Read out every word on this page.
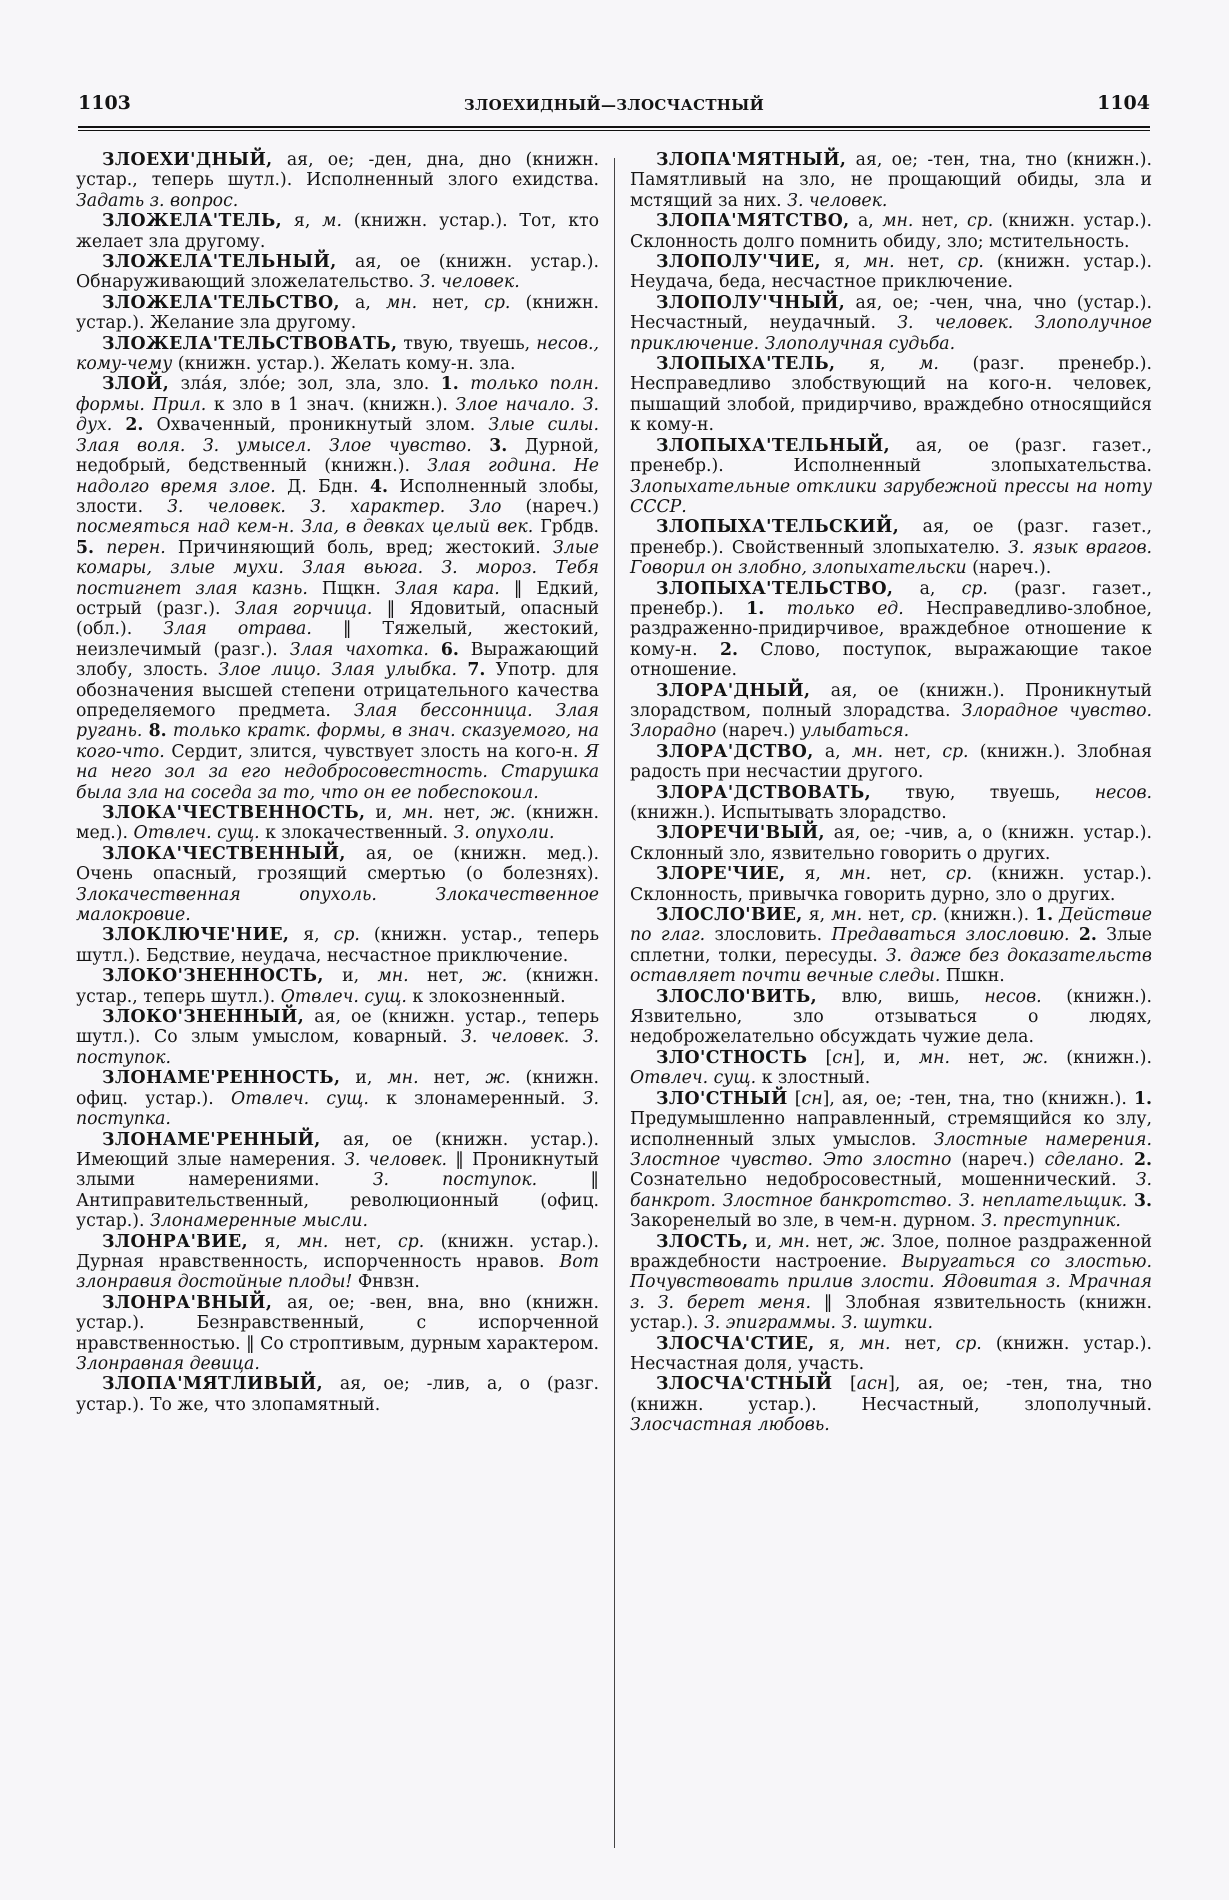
1103	ЗЛОЕХИДНЫЙ—ЗЛОСЧАСТНЫЙ	1104

ЗЛОЕХИ'ДНЫЙ, ая, ое; -ден, дна, дно (книжн. устар., теперь шутл.). Исполненный злого ехидства. Задать з. вопрос.

ЗЛОЖЕЛА'ТЕЛЬ, я, м. (книжн. устар.). Тот, кто желает зла другому.

ЗЛОЖЕЛА'ТЕЛЬНЫЙ, ая, ое (книжн. устар.). Обнаруживающий зложелательство. З. человек.

ЗЛОЖЕЛА'ТЕЛЬСТВО, а, мн. нет, ср. (книжн. устар.). Желание зла другому.

ЗЛОЖЕЛА'ТЕЛЬСТВОВАТЬ, твую, твуешь, несов., кому-чему (книжн. устар.). Желать кому-н. зла.

ЗЛОЙ, злáя, злóе; зол, зла, зло. 1. только полн. формы. Прил. к зло в 1 знач. (книжн.). Злое начало. З. дух. 2. Охваченный, проникнутый злом. Злые силы. Злая воля. З. умысел. Злое чувство. 3. Дурной, недобрый, бедственный (книжн.). Злая година. Не надолго время злое. Д. Бдн. 4. Исполненный злобы, злости. З. человек. З. характер. Зло (нареч.) посмеяться над кем-н. Зла, в девках целый век. Грбдв. 5. перен. Причиняющий боль, вред; жестокий. Злые комары, злые мухи. Злая вьюга. З. мороз. Тебя постигнет злая казнь. Пщкн. Злая кара. ‖ Едкий, острый (разг.). Злая горчица. ‖ Ядовитый, опасный (обл.). Злая отрава. ‖ Тяжелый, жестокий, неизлечимый (разг.). Злая чахотка. 6. Выражающий злобу, злость. Злое лицо. Злая улыбка. 7. Употр. для обозначения высшей степени отрицательного качества определяемого предмета. Злая бессонница. Злая ругань. 8. только кратк. формы, в знач. сказуемого, на кого-что. Сердит, злится, чувствует злость на кого-н. Я на него зол за его недобросовестность. Старушка была зла на соседа за то, что он ее побеспокоил.

ЗЛОКА'ЧЕСТВЕННОСТЬ, и, мн. нет, ж. (книжн. мед.). Отвлеч. сущ. к злокачественный. З. опухоли.

ЗЛОКА'ЧЕСТВЕННЫЙ, ая, ое (книжн. мед.). Очень опасный, грозящий смертью (о болезнях). Злокачественная опухоль. Злокачественное малокровие.

ЗЛОКЛЮЧЕ'НИЕ, я, ср. (книжн. устар., теперь шутл.). Бедствие, неудача, несчастное приключение.

ЗЛОКО'ЗНЕННОСТЬ, и, мн. нет, ж. (книжн. устар., теперь шутл.). Отвлеч. сущ. к злокозненный.

ЗЛОКО'ЗНЕННЫЙ, ая, ое (книжн. устар., теперь шутл.). Со злым умыслом, коварный. З. человек. З. поступок.

ЗЛОНАМЕ'РЕННОСТЬ, и, мн. нет, ж. (книжн. офиц. устар.). Отвлеч. сущ. к злонамеренный. З. поступка.

ЗЛОНАМЕ'РЕННЫЙ, ая, ое (книжн. устар.). Имеющий злые намерения. З. человек. ‖ Проникнутый злыми намерениями. З. поступок. ‖ Антиправительственный, революционный (офиц. устар.). Злонамеренные мысли.

ЗЛОНРА'ВИЕ, я, мн. нет, ср. (книжн. устар.). Дурная нравственность, испорченность нравов. Вот злонравия достойные плоды! Фнвзн.

ЗЛОНРА'ВНЫЙ, ая, ое; -вен, вна, вно (книжн. устар.). Безнравственный, с испорченной нравственностью. ‖ Со строптивым, дурным характером. Злонравная девица.

ЗЛОПА'МЯТЛИВЫЙ, ая, ое; -лив, а, о (разг. устар.). То же, что злопамятный.

ЗЛОПА'МЯТНЫЙ, ая, ое; -тен, тна, тно (книжн.). Памятливый на зло, не прощающий обиды, зла и мстящий за них. З. человек.

ЗЛОПА'МЯТСТВО, а, мн. нет, ср. (книжн. устар.). Склонность долго помнить обиду, зло; мстительность.

ЗЛОПОЛУ'ЧИЕ, я, мн. нет, ср. (книжн. устар.). Неудача, беда, несчастное приключение.

ЗЛОПОЛУ'ЧНЫЙ, ая, ое; -чен, чна, чно (устар.). Несчастный, неудачный. З. человек. Злополучное приключение. Злополучная судьба.

ЗЛОПЫХА'ТЕЛЬ, я, м. (разг. пренебр.). Несправедливо злобствующий на кого-н. человек, пышащий злобой, придирчиво, враждебно относящийся к кому-н.

ЗЛОПЫХА'ТЕЛЬНЫЙ, ая, ое (разг. газет., пренебр.). Исполненный злопыхательства. Злопыхательные отклики зарубежной прессы на ноту СССР.

ЗЛОПЫХА'ТЕЛЬСКИЙ, ая, ое (разг. газет., пренебр.). Свойственный злопыхателю. З. язык врагов. Говорил он злобно, злопыхательски (нареч.).

ЗЛОПЫХА'ТЕЛЬСТВО, а, ср. (разг. газет., пренебр.). 1. только ед. Несправедливо-злобное, раздраженно-придирчивое, враждебное отношение к кому-н. 2. Слово, поступок, выражающие такое отношение.

ЗЛОРА'ДНЫЙ, ая, ое (книжн.). Проникнутый злорадством, полный злорадства. Злорадное чувство. Злорадно (нареч.) улыбаться.

ЗЛОРА'ДСТВО, а, мн. нет, ср. (книжн.). Злобная радость при несчастии другого.

ЗЛОРА'ДСТВОВАТЬ, твую, твуешь, несов. (книжн.). Испытывать злорадство.

ЗЛОРЕЧИ'ВЫЙ, ая, ое; -чив, а, о (книжн. устар.). Склонный зло, язвительно говорить о других.

ЗЛОРЕ'ЧИЕ, я, мн. нет, ср. (книжн. устар.). Склонность, привычка говорить дурно, зло о других.

ЗЛОСЛО'ВИЕ, я, мн. нет, ср. (книжн.). 1. Действие по глаг. злословить. Предаваться злословию. 2. Злые сплетни, толки, пересуды. З. даже без доказательств оставляет почти вечные следы. Пшкн.

ЗЛОСЛО'ВИТЬ, влю, вишь, несов. (книжн.). Язвительно, зло отзываться о людях, недоброжелательно обсуждать чужие дела.

ЗЛО'СТНОСТЬ [сн], и, мн. нет, ж. (книжн.). Отвлеч. сущ. к злостный.

ЗЛО'СТНЫЙ [сн], ая, ое; -тен, тна, тно (книжн.). 1. Предумышленно направленный, стремящийся ко злу, исполненный злых умыслов. Злостные намерения. Злостное чувство. Это злостно (нареч.) сделано. 2. Сознательно недобросовестный, мошеннический. З. банкрот. Злостное банкротство. З. неплательщик. 3. Закоренелый во зле, в чем-н. дурном. З. преступник.

ЗЛОСТЬ, и, мн. нет, ж. Злое, полное раздраженной враждебности настроение. Выругаться со злостью. Почувствовать прилив злости. Ядовитая з. Мрачная з. З. берет меня. ‖ Злобная язвительность (книжн. устар.). З. эпиграммы. З. шутки.

ЗЛОСЧА'СТИЕ, я, мн. нет, ср. (книжн. устар.). Несчастная доля, участь.

ЗЛОСЧА'СТНЫЙ [асн], ая, ое; -тен, тна, тно (книжн. устар.). Несчастный, злополучный. Злосчастная любовь.
